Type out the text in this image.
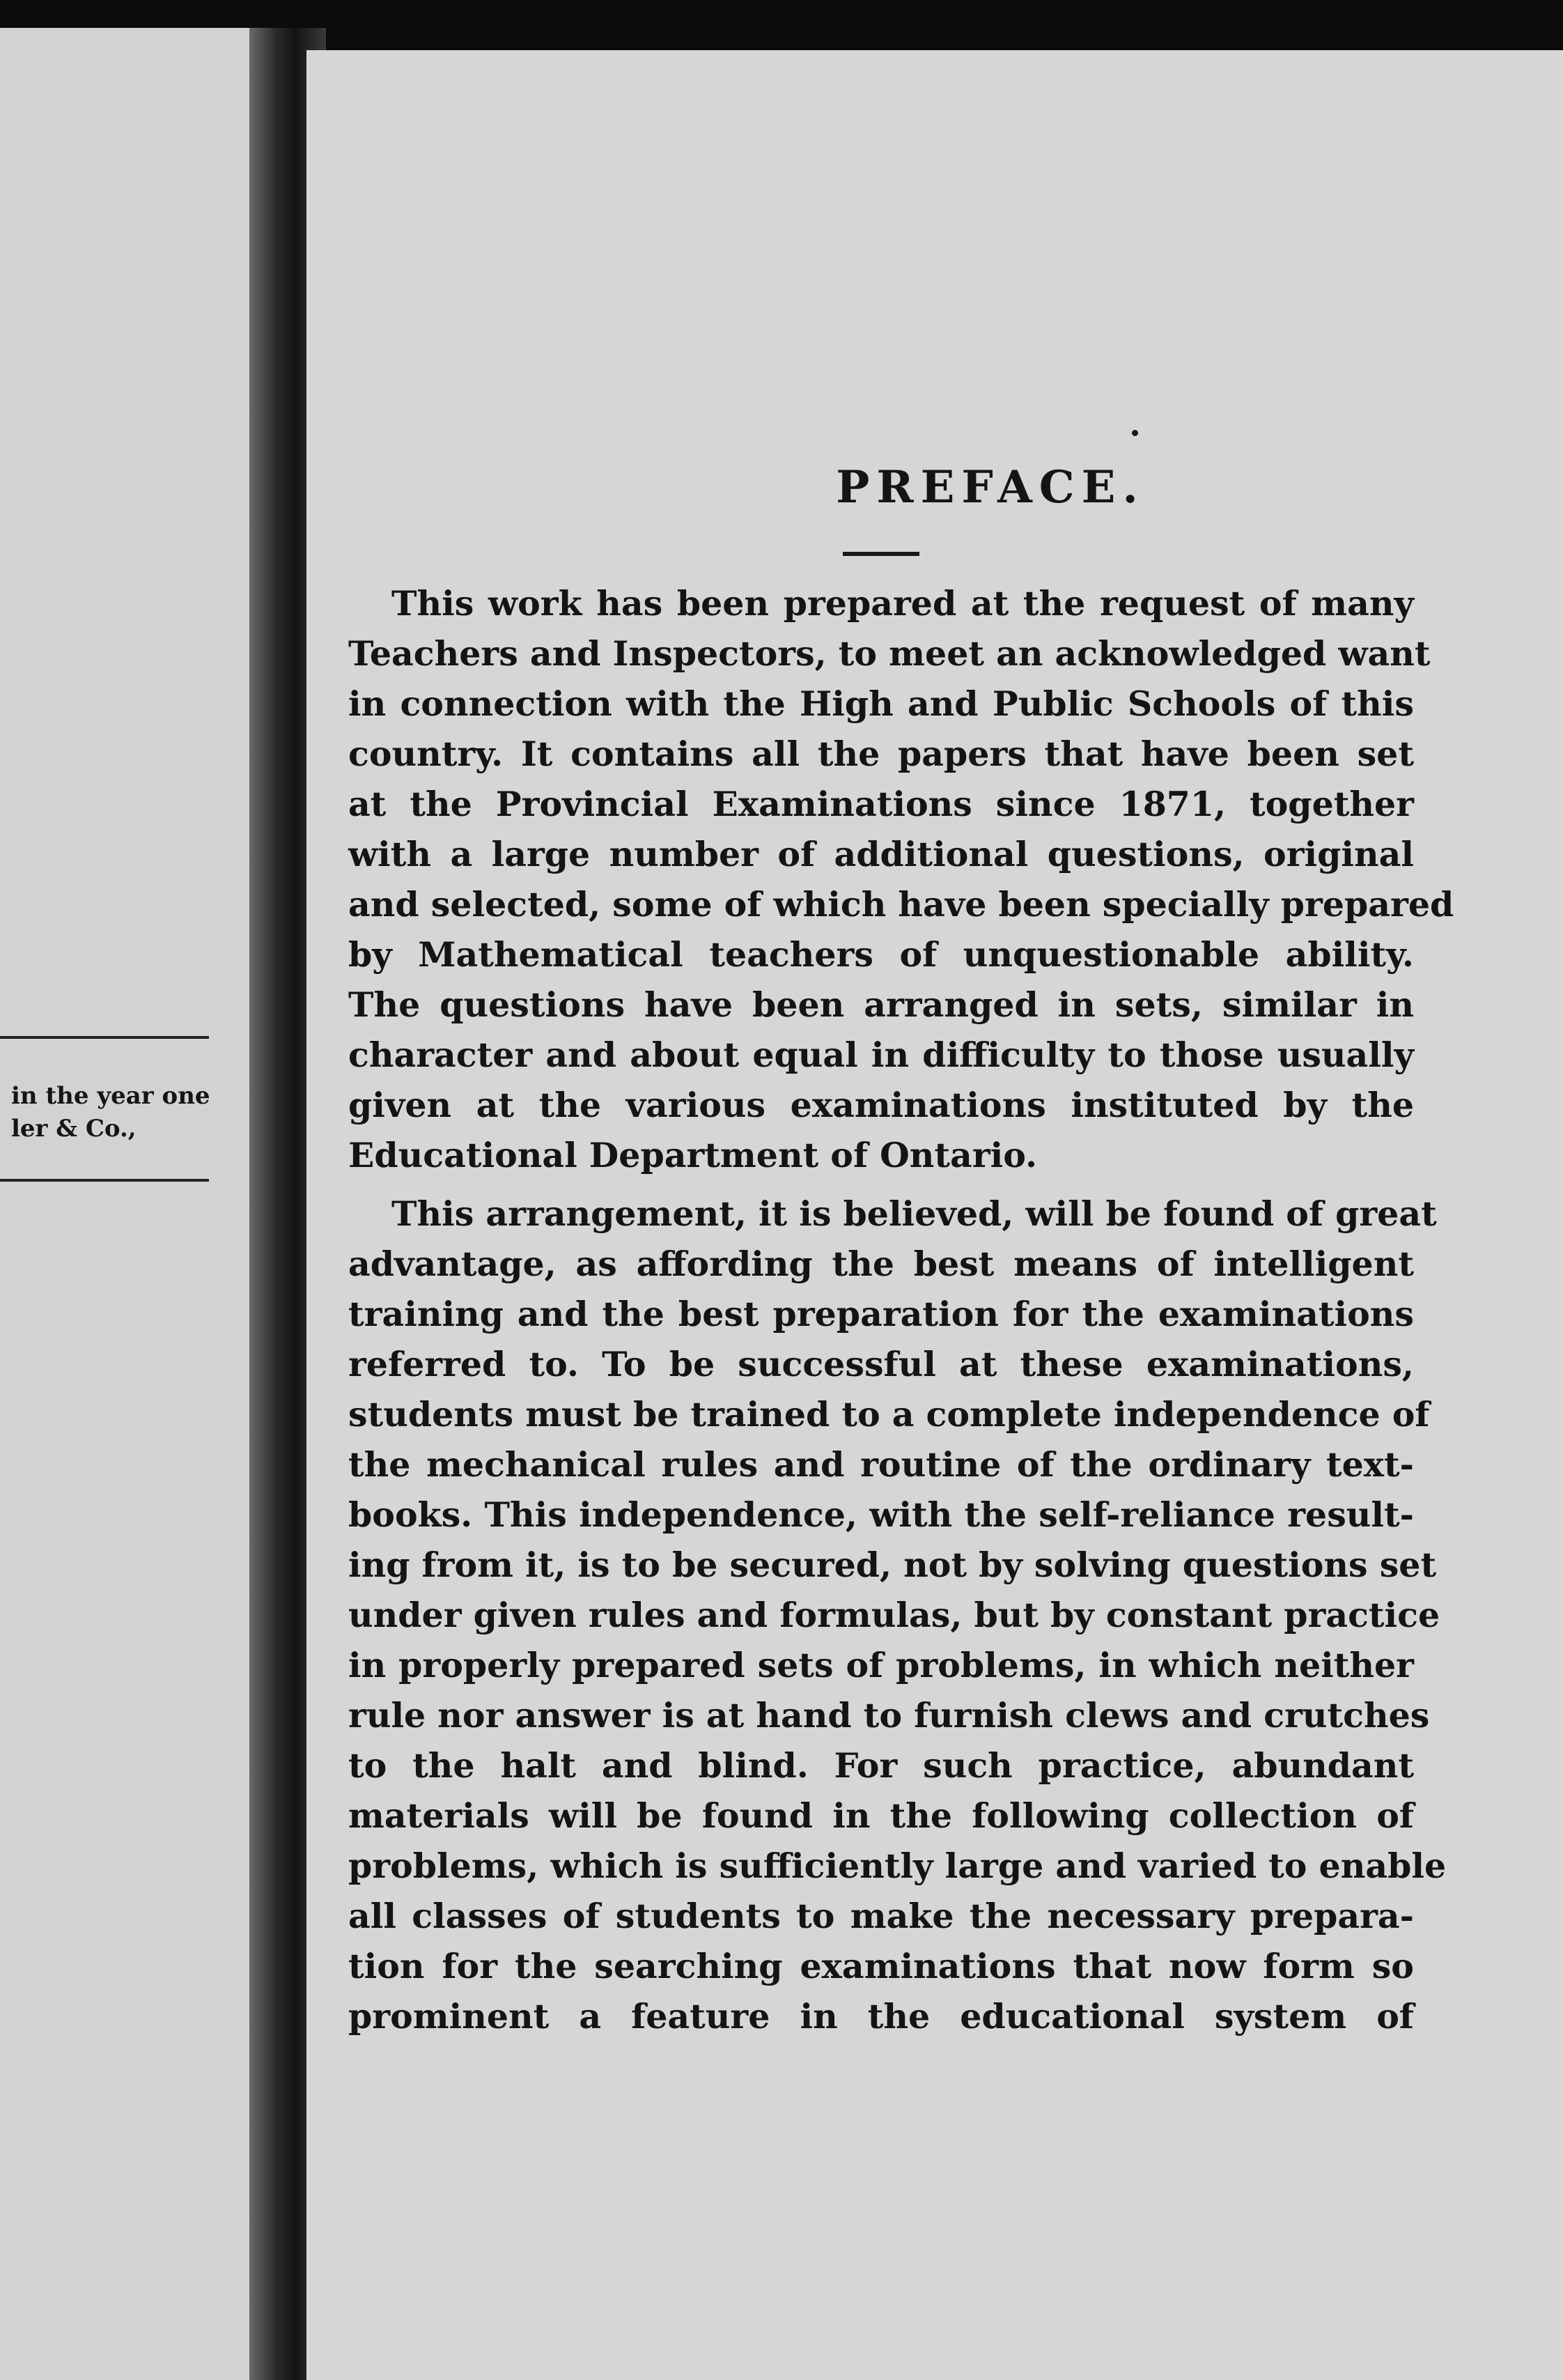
in the year one
ler & Co.,
PREFACE.
This work has been prepared at the request of many
Teachers and Inspectors, to meet an acknowledged want
in connection with the High and Public Schools of this
country. It contains all the papers that have been set
at the Provincial Examinations since 1871, together
with a large number of additional questions, original
and selected, some of which have been specially prepared
by Mathematical teachers of unquestionable ability.
The questions have been arranged in sets, similar in
character and about equal in difficulty to those usually
given at the various examinations instituted by the
Educational Department of Ontario.
This arrangement, it is believed, will be found of great
advantage, as affording the best means of intelligent
training and the best preparation for the examinations
referred to. To be successful at these examinations,
students must be trained to a complete independence of
the mechanical rules and routine of the ordinary text-
books. This independence, with the self-reliance result-
ing from it, is to be secured, not by solving questions set
under given rules and formulas, but by constant practice
in properly prepared sets of problems, in which neither
rule nor answer is at hand to furnish clews and crutches
to the halt and blind. For such practice, abundant
materials will be found in the following collection of
problems, which is sufficiently large and varied to enable
all classes of students to make the necessary prepara-
tion for the searching examinations that now form so
prominent a feature in the educational system of
